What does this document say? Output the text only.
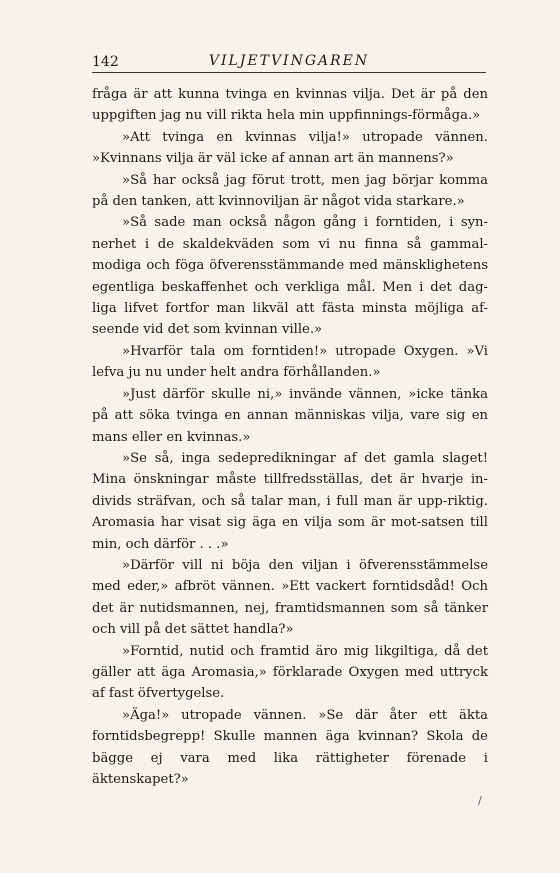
142	VILJETVINGAREN

fråga är att kunna tvinga en kvinnas vilja. Det är på den uppgiften jag nu vill rikta hela min uppfinnings-förmåga.»

»Att tvinga en kvinnas vilja!» utropade vännen. »Kvinnans vilja är väl icke af annan art än mannens?»

»Så har också jag förut trott, men jag börjar komma på den tanken, att kvinnoviljan är något vida starkare.»

»Så sade man också någon gång i forntiden, i syn-nerhet i de skaldekväden som vi nu finna så gammal-modiga och föga öfverensstämmande med mänsklighetens egentliga beskaffenhet och verkliga mål. Men i det dag-liga lifvet fortfor man likväl att fästa minsta möjliga af-seende vid det som kvinnan ville.»

»Hvarför tala om forntiden!» utropade Oxygen. »Vi lefva ju nu under helt andra förhållanden.»

»Just därför skulle ni,» invände vännen, »icke tänka på att söka tvinga en annan människas vilja, vare sig en mans eller en kvinnas.»

»Se så, inga sedepredikningar af det gamla slaget! Mina önskningar måste tillfredsställas, det är hvarje in-divids sträfvan, och så talar man, i full man är upp-riktig. Aromasia har visat sig äga en vilja som är mot-satsen till min, och därför . . .»

»Därför vill ni böja den viljan i öfverensstämmelse med eder,» afbröt vännen. »Ett vackert forntidsdåd! Och det är nutidsmannen, nej, framtidsmannen som så tänker och vill på det sättet handla?»

»Forntid, nutid och framtid äro mig likgiltiga, då det gäller att äga Aromasia,» förklarade Oxygen med uttryck af fast öfvertygelse.

»Äga!» utropade vännen. »Se där åter ett äkta forntidsbegrepp! Skulle mannen äga kvinnan? Skola de bägge ej vara med lika rättigheter förenade i äktenskapet?»

/
